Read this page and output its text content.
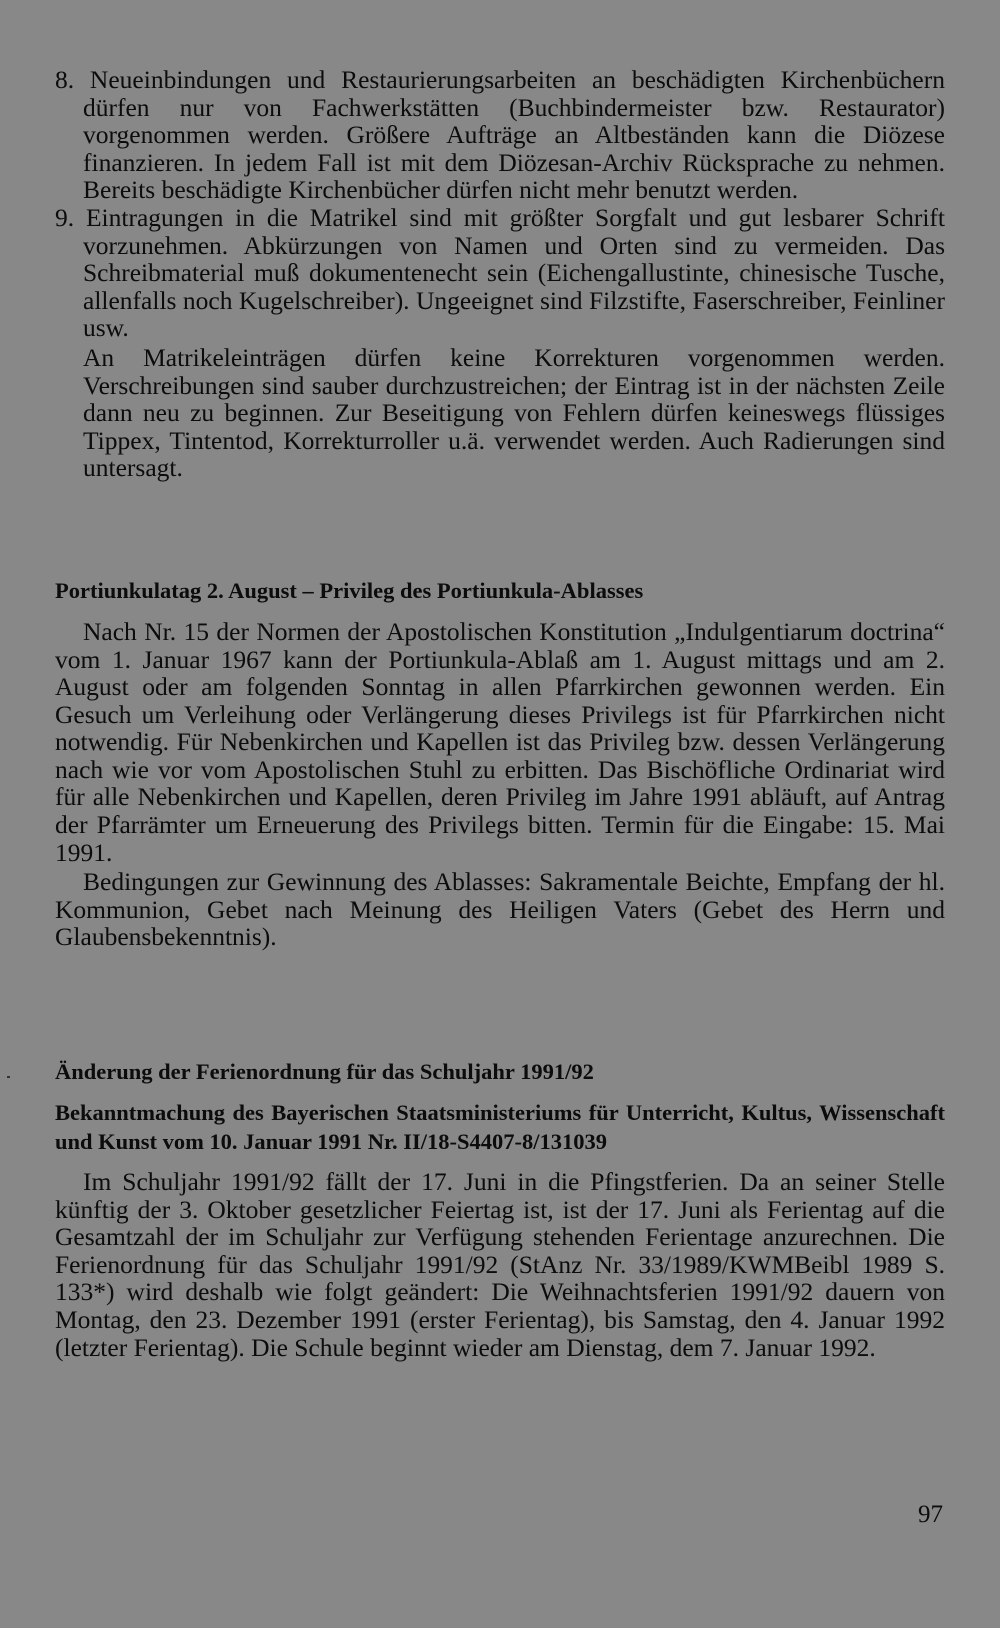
8. Neueinbindungen und Restaurierungsarbeiten an beschädigten Kirchenbüchern dürfen nur von Fachwerkstätten (Buchbindermeister bzw. Restaurator) vorgenommen werden. Größere Aufträge an Altbeständen kann die Diözese finanzieren. In jedem Fall ist mit dem Diözesan-Archiv Rücksprache zu nehmen. Bereits beschädigte Kirchenbücher dürfen nicht mehr benutzt werden.

9. Eintragungen in die Matrikel sind mit größter Sorgfalt und gut lesbarer Schrift vorzunehmen. Abkürzungen von Namen und Orten sind zu vermeiden. Das Schreibmaterial muß dokumentenecht sein (Eichengallustinte, chinesische Tusche, allenfalls noch Kugelschreiber). Ungeeignet sind Filzstifte, Faserschreiber, Feinliner usw.

An Matrikeleinträgen dürfen keine Korrekturen vorgenommen werden. Verschreibungen sind sauber durchzustreichen; der Eintrag ist in der nächsten Zeile dann neu zu beginnen. Zur Beseitigung von Fehlern dürfen keineswegs flüssiges Tippex, Tintentod, Korrekturroller u.ä. verwendet werden. Auch Radierungen sind untersagt.

Portiunkulatag 2. August – Privileg des Portiunkula-Ablasses

Nach Nr. 15 der Normen der Apostolischen Konstitution „Indulgentiarum doctrina“ vom 1. Januar 1967 kann der Portiunkula-Ablaß am 1. August mittags und am 2. August oder am folgenden Sonntag in allen Pfarrkirchen gewonnen werden. Ein Gesuch um Verleihung oder Verlängerung dieses Privilegs ist für Pfarrkirchen nicht notwendig. Für Nebenkirchen und Kapellen ist das Privileg bzw. dessen Verlängerung nach wie vor vom Apostolischen Stuhl zu erbitten. Das Bischöfliche Ordinariat wird für alle Nebenkirchen und Kapellen, deren Privileg im Jahre 1991 abläuft, auf Antrag der Pfarrämter um Erneuerung des Privilegs bitten. Termin für die Eingabe: 15. Mai 1991.

Bedingungen zur Gewinnung des Ablasses: Sakramentale Beichte, Empfang der hl. Kommunion, Gebet nach Meinung des Heiligen Vaters (Gebet des Herrn und Glaubensbekenntnis).

Änderung der Ferienordnung für das Schuljahr 1991/92

Bekanntmachung des Bayerischen Staatsministeriums für Unterricht, Kultus, Wissenschaft und Kunst vom 10. Januar 1991 Nr. II/18-S4407-8/131039

Im Schuljahr 1991/92 fällt der 17. Juni in die Pfingstferien. Da an seiner Stelle künftig der 3. Oktober gesetzlicher Feiertag ist, ist der 17. Juni als Ferientag auf die Gesamtzahl der im Schuljahr zur Verfügung stehenden Ferientage anzurechnen. Die Ferienordnung für das Schuljahr 1991/92 (StAnz Nr. 33/1989/KWMBeibl 1989 S. 133*) wird deshalb wie folgt geändert: Die Weihnachtsferien 1991/92 dauern von Montag, den 23. Dezember 1991 (erster Ferientag), bis Samstag, den 4. Januar 1992 (letzter Ferientag). Die Schule beginnt wieder am Dienstag, dem 7. Januar 1992.

97
